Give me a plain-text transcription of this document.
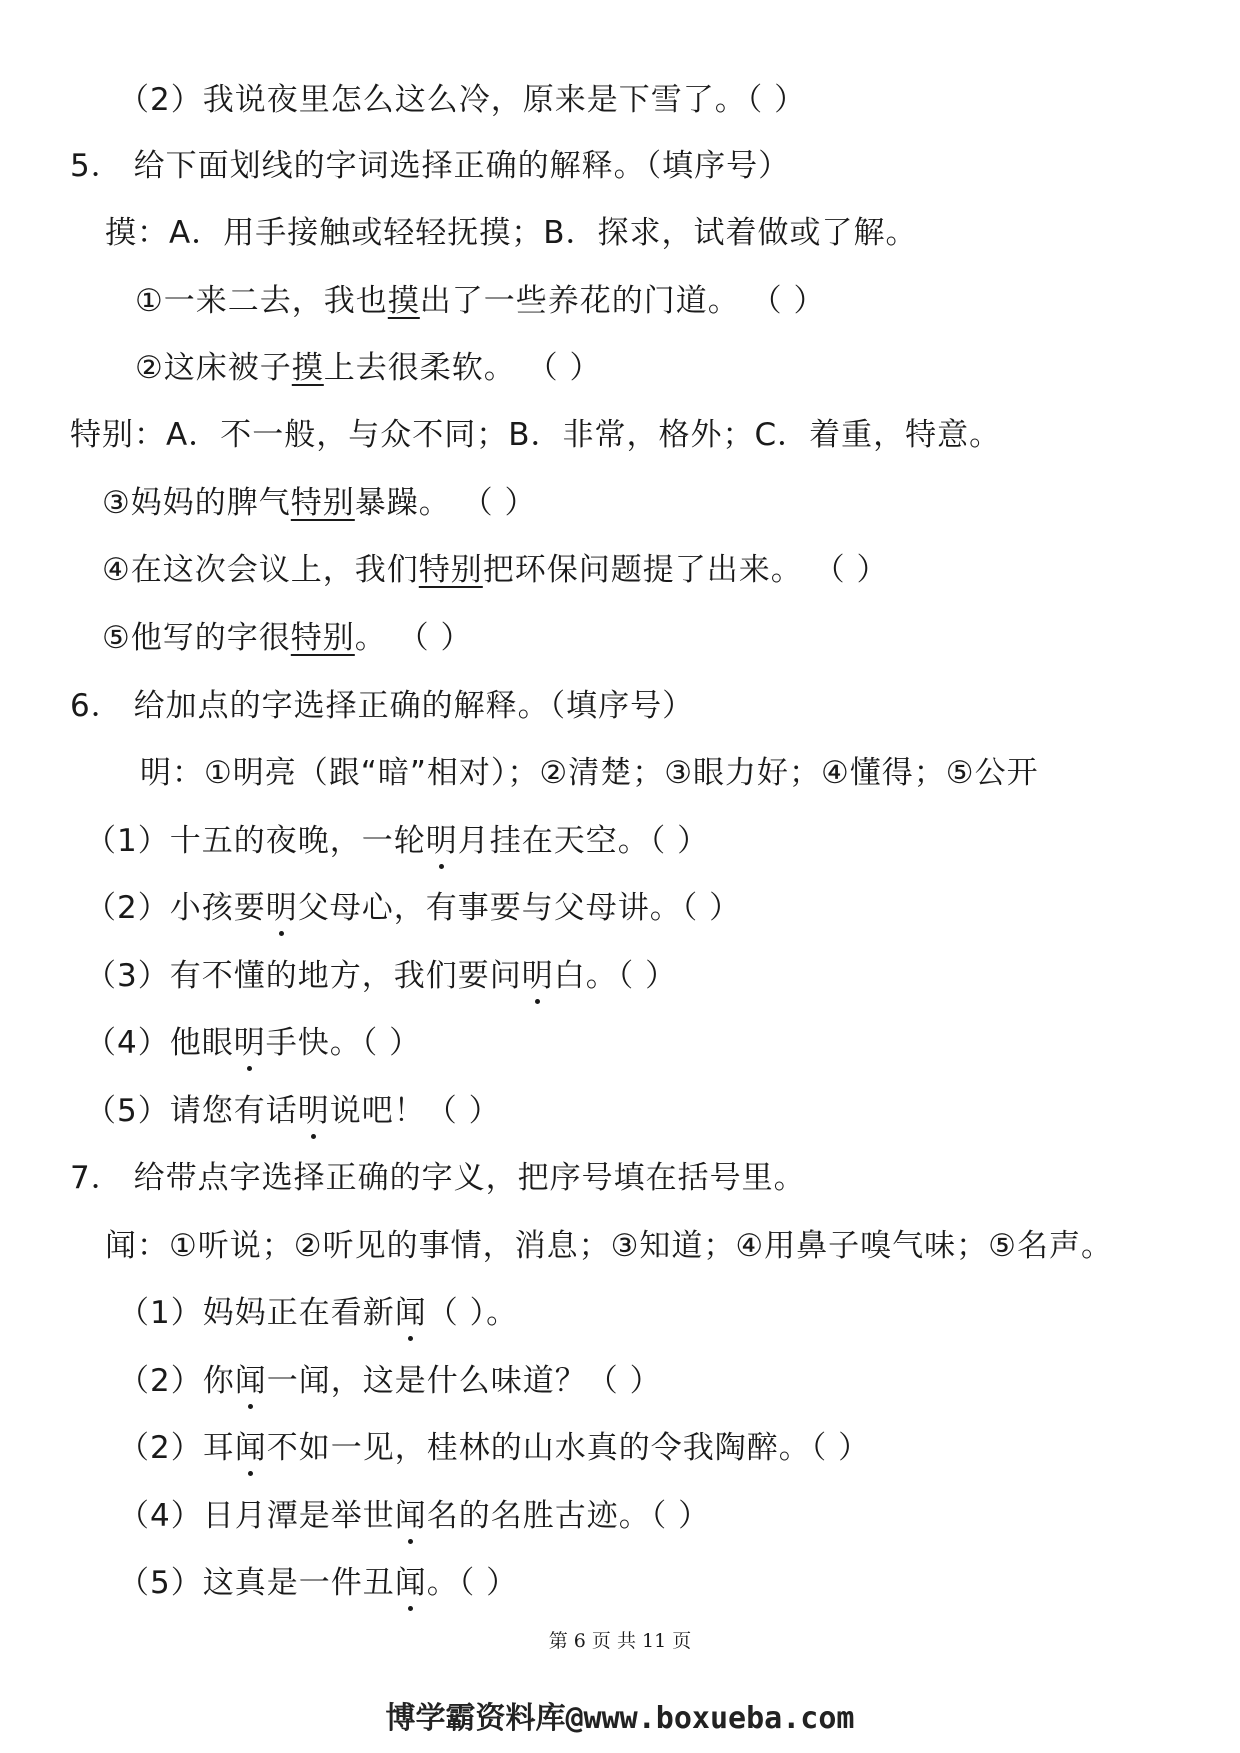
（2）我说夜里怎么这么冷，原来是下雪了。（ ）
5． 给下面划线的字词选择正确的解释。（填序号）
摸：A．用手接触或轻轻抚摸；B．探求，试着做或了解。
①一来二去，我也摸出了一些养花的门道。 （ ）
②这床被子摸上去很柔软。 （ ）
特别：A．不一般，与众不同；B．非常，格外；C．着重，特意。
③妈妈的脾气特别暴躁。 （ ）
④在这次会议上，我们特别把环保问题提了出来。 （ ）
⑤他写的字很特别。 （ ）
6． 给加点的字选择正确的解释。（填序号）
明：①明亮（跟“暗”相对）；②清楚；③眼力好；④懂得；⑤公开
（1）十五的夜晚，一轮明月挂在天空。（ ）
（2）小孩要明父母心，有事要与父母讲。（ ）
（3）有不懂的地方，我们要问明白。（ ）
（4）他眼明手快。（ ）
（5）请您有话明说吧！（ ）
7． 给带点字选择正确的字义，把序号填在括号里。
闻：①听说；②听见的事情，消息；③知道；④用鼻子嗅气味；⑤名声。
（1）妈妈正在看新闻（ ）。
（2）你闻一闻，这是什么味道？（ ）
（2）耳闻不如一见，桂林的山水真的令我陶醉。（ ）
（4）日月潭是举世闻名的名胜古迹。（ ）
（5）这真是一件丑闻。（ ）
第 6 页 共 11 页
博学霸资料库@www.boxueba.com
